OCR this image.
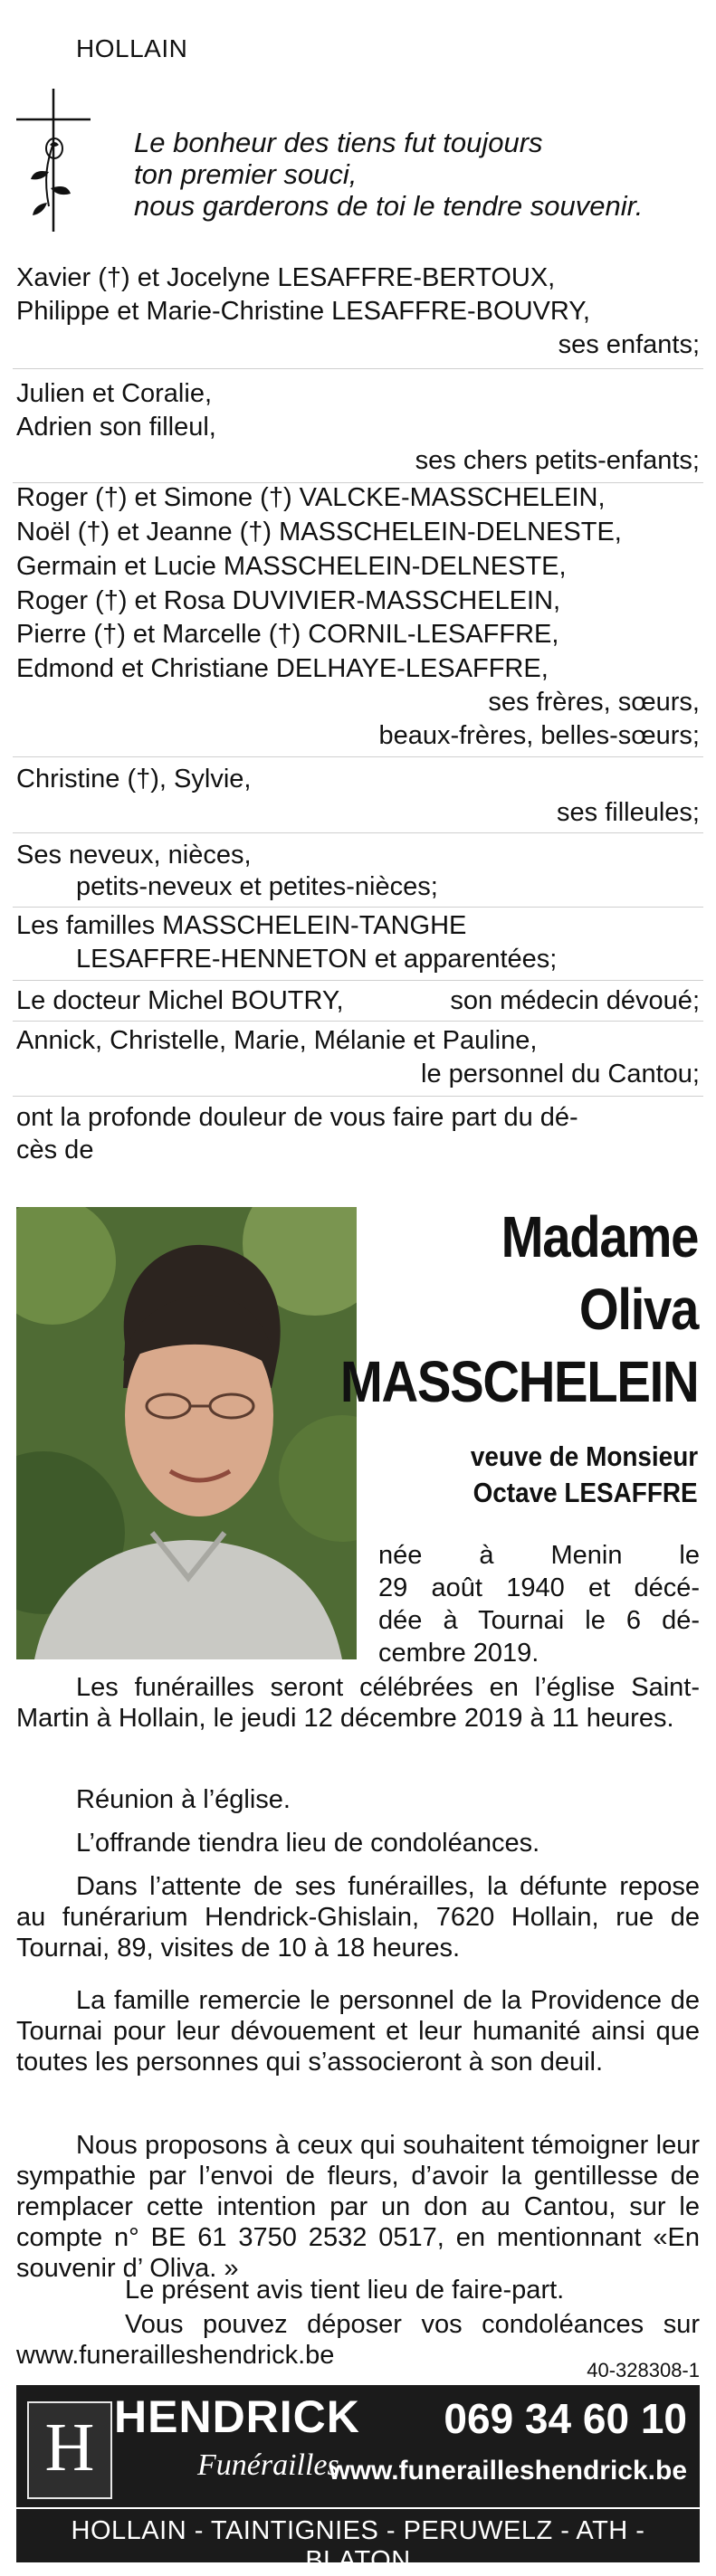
HOLLAIN
Le bonheur des tiens fut toujours
ton premier souci,
nous garderons de toi le tendre souvenir.
Xavier (†) et Jocelyne LESAFFRE-BERTOUX,
Philippe et Marie-Christine LESAFFRE-BOUVRY,
ses enfants;
Julien et Coralie,
Adrien son filleul,
ses chers petits-enfants;
Roger (†) et Simone (†) VALCKE-MASSCHELEIN,
Noël (†) et Jeanne (†) MASSCHELEIN-DELNESTE,
Germain et Lucie MASSCHELEIN-DELNESTE,
Roger (†) et Rosa DUVIVIER-MASSCHELEIN,
Pierre (†) et Marcelle (†) CORNIL-LESAFFRE,
Edmond et Christiane DELHAYE-LESAFFRE,
ses frères, sœurs,
beaux-frères, belles-sœurs;
Christine (†), Sylvie,
ses filleules;
Ses neveux, nièces,
petits-neveux et petites-nièces;
Les familles MASSCHELEIN-TANGHE
LESAFFRE-HENNETON et apparentées;
Le docteur Michel BOUTRY,	son médecin dévoué;
Annick, Christelle, Marie, Mélanie et Pauline,
le personnel du Cantou;
ont la profonde douleur de vous faire part du dé-
cès de
Madame
Oliva
MASSCHELEIN
veuve de Monsieur
Octave LESAFFRE

née à Menin le

29 août 1940 et décé-

dée à Tournai le 6 dé-

cembre 2019.

Les funérailles seront célébrées en l’église Saint-Martin à Hollain, le jeudi 12 décembre 2019 à 11 heures.

Réunion à l’église.

L’offrande tiendra lieu de condoléances.

Dans l’attente de ses funérailles, la défunte repose au funérarium Hendrick-Ghislain, 7620 Hollain, rue de Tournai, 89, visites de 10 à 18 heures.

La famille remercie le personnel de la Providence de Tournai pour leur dévouement et leur humanité ainsi que toutes les personnes qui s’associeront à son deuil.

Nous proposons à ceux qui souhaitent témoigner leur sympathie par l’envoi de fleurs, d’avoir la gentillesse de remplacer cette intention par un don au Cantou, sur le compte n° BE 61 3750 2532 0517, en mentionnant «En souvenir d’ Oliva. »

Le présent avis tient lieu de faire-part.

Vous pouvez déposer vos condoléances sur www.funerailleshendrick.be

40-328308-1
H HENDRICK
Funérailles
069 34 60 10
www.funerailleshendrick.be
HOLLAIN - TAINTIGNIES - PERUWELZ - ATH - BLATON
